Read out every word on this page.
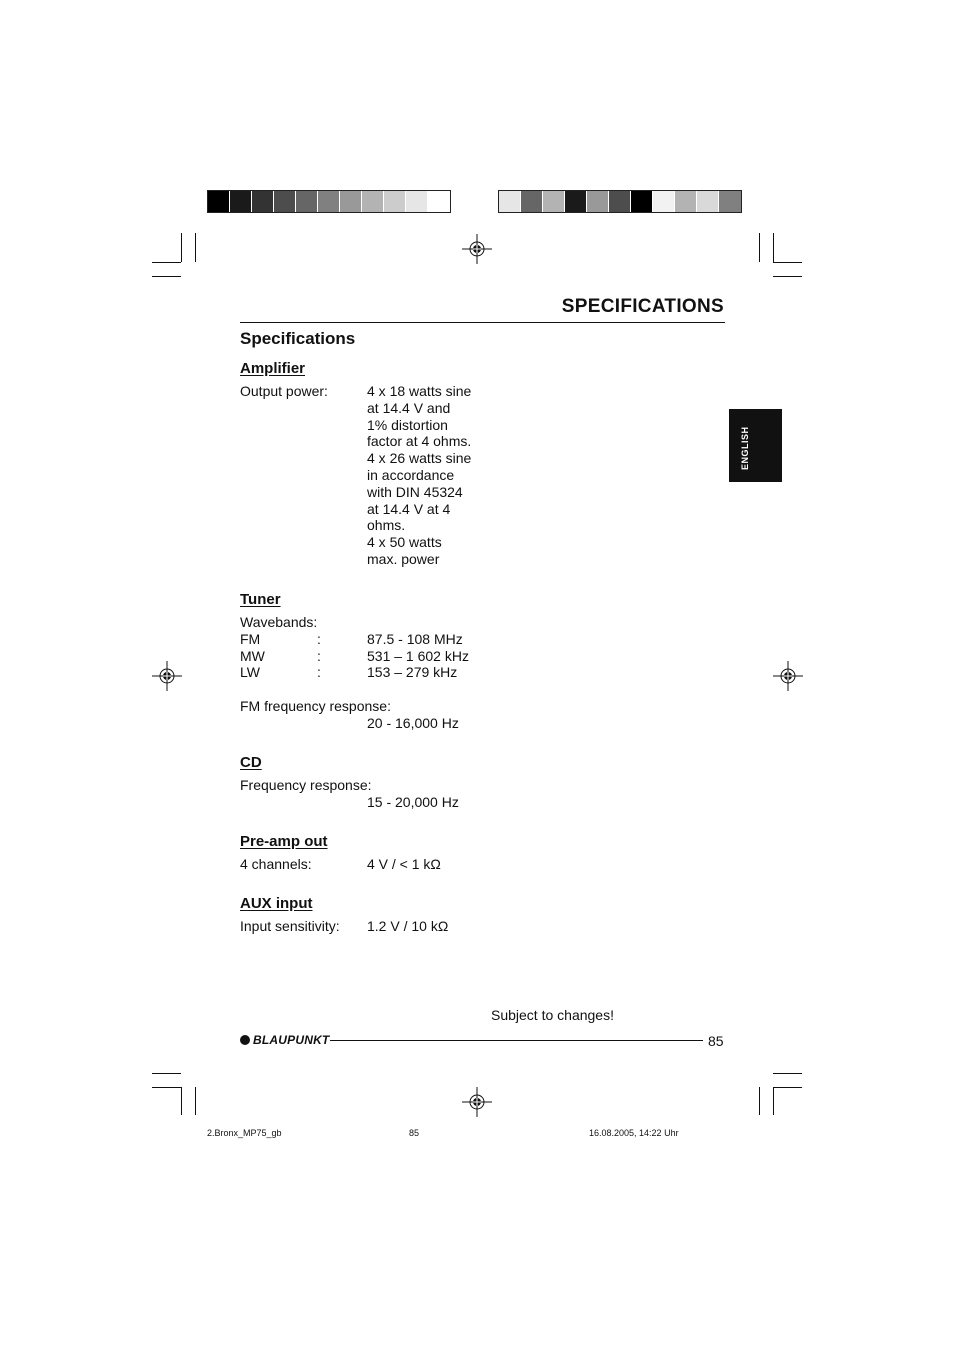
SPECIFICATIONS
Specifications
ENGLISH
Amplifier
Output power:	4 x 18 watts sine
at 14.4 V and
1% distortion
factor at 4 ohms.
4 x 26 watts sine
in accordance
with DIN 45324
at 14.4 V at 4
ohms.
4 x 50 watts
max. power
Tuner
Wavebands:
FM	:	87.5 - 108 MHz
MW	:	531 – 1 602 kHz
LW	:	153 – 279 kHz
FM frequency response:
20 - 16,000 Hz
CD
Frequency response:
15 - 20,000 Hz
Pre-amp out
4 channels:	4 V / < 1 kΩ
AUX input
Input sensitivity: 1.2 V / 10 kΩ
Subject to changes!
BLAUPUNKT	85
2.Bronx_MP75_gb	85	16.08.2005, 14:22 Uhr
